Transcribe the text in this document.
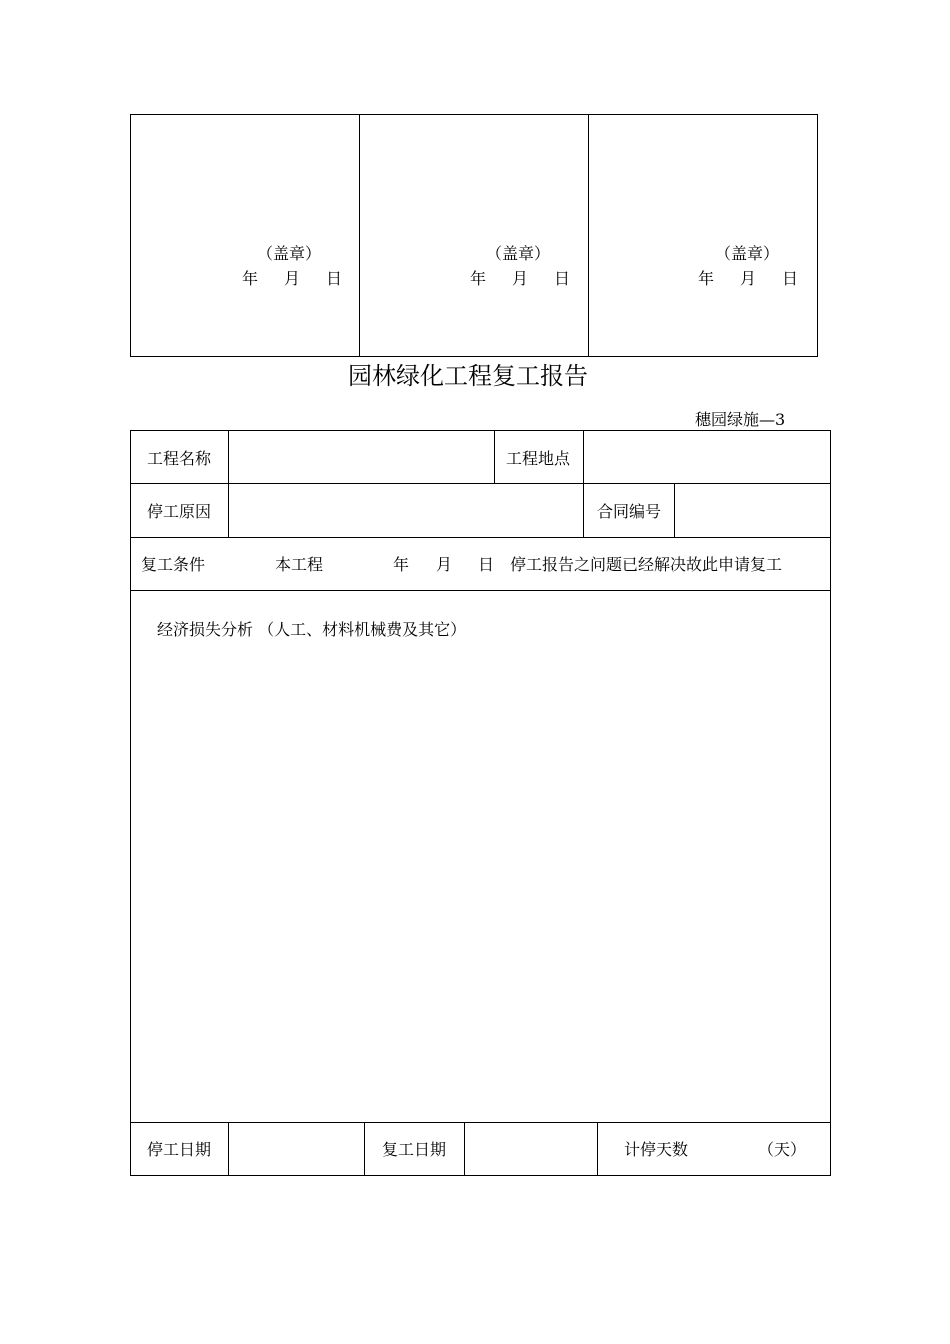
（盖章）
年 月 日
（盖章）
年 月 日
（盖章）
年 月 日
园林绿化工程复工报告
穗园绿施—3
工程名称	工程地点
停工原因	合同编号
复工条件	本工程	年 月 日 停工报告之问题已经解决故此申请复工
经济损失分析 （人工、材料机械费及其它）
停工日期	复工日期	计停天数	（天）
